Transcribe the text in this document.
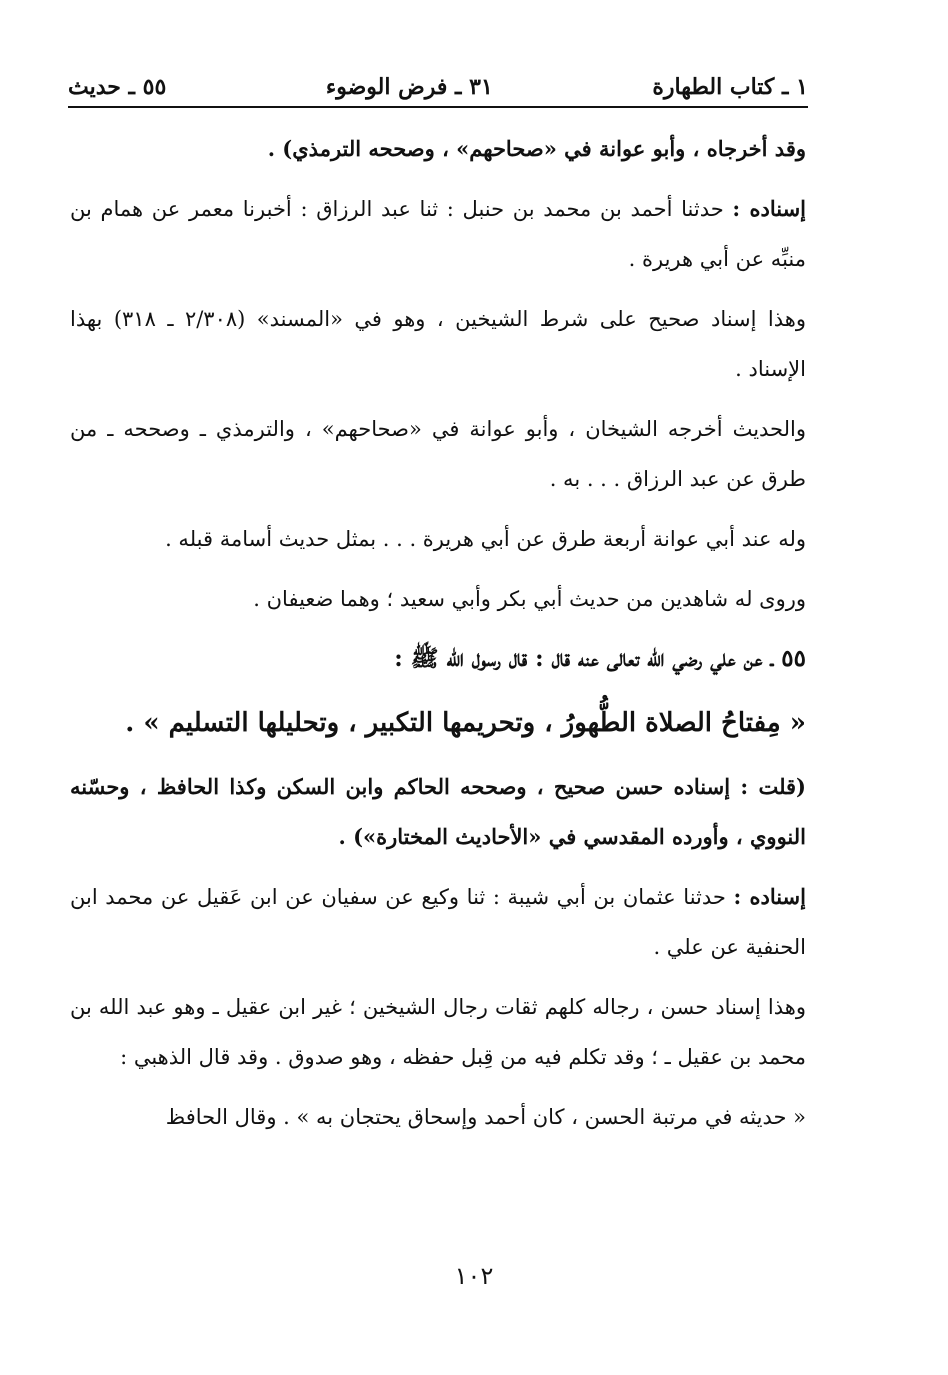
١ ـ كتاب الطهارة
٣١ ـ فرض الوضوء
٥٥ ـ حديث

وقد أخرجاه ، وأبو عوانة في «صحاحهم» ، وصححه الترمذي) .

إسناده : حدثنا أحمد بن محمد بن حنبل : ثنا عبد الرزاق : أخبرنا معمر عن همام بن منبِّه عن أبي هريرة .

وهذا إسناد صحيح على شرط الشيخين ، وهو في «المسند» (٢/٣٠٨ ـ ٣١٨) بهذا الإسناد .

والحديث أخرجه الشيخان ، وأبو عوانة في «صحاحهم» ، والترمذي ـ وصححه ـ من طرق عن عبد الرزاق . . . به .

وله عند أبي عوانة أربعة طرق عن أبي هريرة . . . بمثل حديث أسامة قبله .

وروى له شاهدين من حديث أبي بكر وأبي سعيد ؛ وهما ضعيفان .

٥٥ ـ عن علي رضي الله تعالى عنه قال : قال رسول الله ﷺ :

« مِفتاحُ الصلاة الطُّهورُ ، وتحريمها التكبير ، وتحليلها التسليم » .

(قلت : إسناده حسن صحيح ، وصححه الحاكم وابن السكن وكذا الحافظ ، وحسّنه النووي ، وأورده المقدسي في «الأحاديث المختارة») .

إسناده : حدثنا عثمان بن أبي شيبة : ثنا وكيع عن سفيان عن ابن عَقيل عن محمد ابن الحنفية عن علي .

وهذا إسناد حسن ، رجاله كلهم ثقات رجال الشيخين ؛ غير ابن عقيل ـ وهو عبد الله بن محمد بن عقيل ـ ؛ وقد تكلم فيه من قِبل حفظه ، وهو صدوق . وقد قال الذهبي :

« حديثه في مرتبة الحسن ، كان أحمد وإسحاق يحتجان به » . وقال الحافظ

١٠٢
